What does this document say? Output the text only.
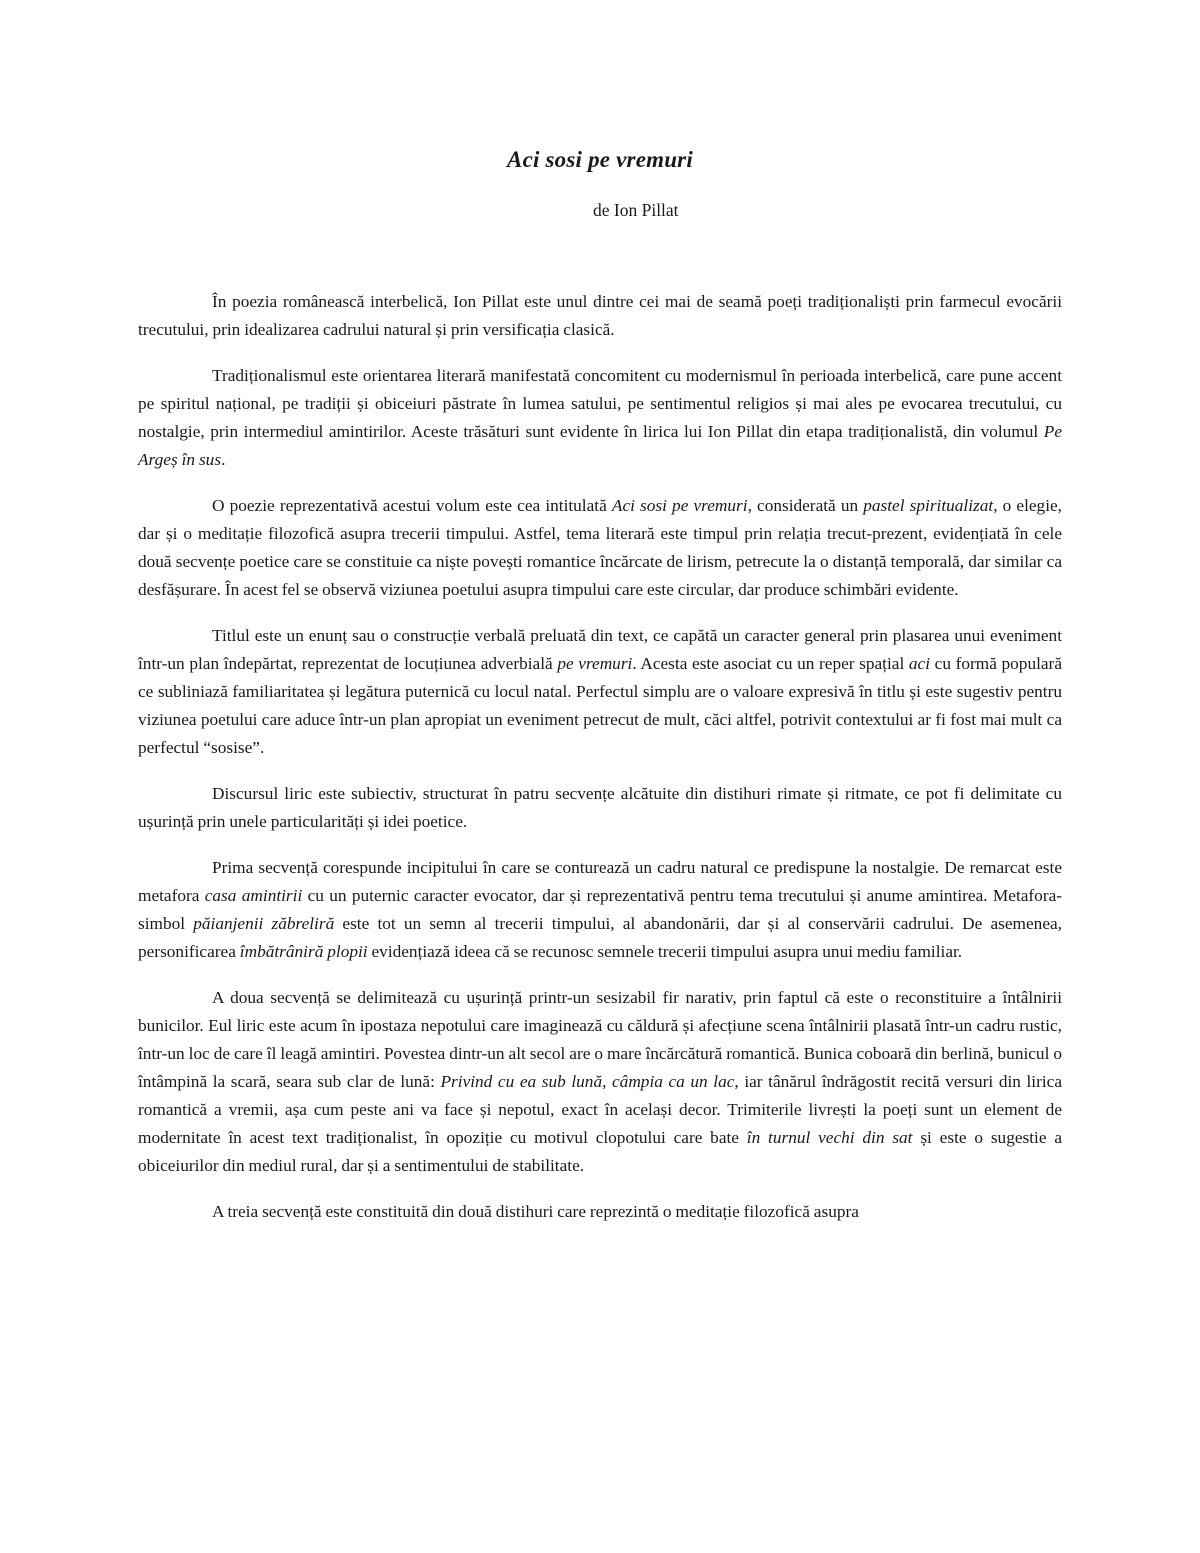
Aci sosi pe vremuri
de Ion Pillat

În poezia românească interbelică, Ion Pillat este unul dintre cei mai de seamă poeți tradiționaliști prin farmecul evocării trecutului, prin idealizarea cadrului natural și prin versificația clasică.

Tradiționalismul este orientarea literară manifestată concomitent cu modernismul în perioada interbelică, care pune accent pe spiritul național, pe tradiții și obiceiuri păstrate în lumea satului, pe sentimentul religios și mai ales pe evocarea trecutului, cu nostalgie, prin intermediul amintirilor. Aceste trăsături sunt evidente în lirica lui Ion Pillat din etapa tradiționalistă, din volumul Pe Argeș în sus.

O poezie reprezentativă acestui volum este cea intitulată Aci sosi pe vremuri, considerată un pastel spiritualizat, o elegie, dar și o meditație filozofică asupra trecerii timpului. Astfel, tema literară este timpul prin relația trecut-prezent, evidențiată în cele două secvențe poetice care se constituie ca niște povești romantice încărcate de lirism, petrecute la o distanță temporală, dar similar ca desfășurare. În acest fel se observă viziunea poetului asupra timpului care este circular, dar produce schimbări evidente.

Titlul este un enunț sau o construcție verbală preluată din text, ce capătă un caracter general prin plasarea unui eveniment într-un plan îndepărtat, reprezentat de locuțiunea adverbială pe vremuri. Acesta este asociat cu un reper spațial aci cu formă populară ce subliniază familiaritatea și legătura puternică cu locul natal. Perfectul simplu are o valoare expresivă în titlu și este sugestiv pentru viziunea poetului care aduce într-un plan apropiat un eveniment petrecut de mult, căci altfel, potrivit contextului ar fi fost mai mult ca perfectul “sosise”.

Discursul liric este subiectiv, structurat în patru secvențe alcătuite din distihuri rimate și ritmate, ce pot fi delimitate cu ușurință prin unele particularități și idei poetice.

Prima secvență corespunde incipitului în care se conturează un cadru natural ce predispune la nostalgie. De remarcat este metafora casa amintirii cu un puternic caracter evocator, dar și reprezentativă pentru tema trecutului și anume amintirea. Metafora-simbol păianjenii zăbreliră este tot un semn al trecerii timpului, al abandonării, dar și al conservării cadrului. De asemenea, personificarea îmbătrâniră plopii evidențiază ideea că se recunosc semnele trecerii timpului asupra unui mediu familiar.

A doua secvență se delimitează cu ușurință printr-un sesizabil fir narativ, prin faptul că este o reconstituire a întâlnirii bunicilor. Eul liric este acum în ipostaza nepotului care imaginează cu căldură și afecțiune scena întâlnirii plasată într-un cadru rustic, într-un loc de care îl leagă amintiri. Povestea dintr-un alt secol are o mare încărcătură romantică. Bunica coboară din berlină, bunicul o întâmpină la scară, seara sub clar de lună: Privind cu ea sub lună, câmpia ca un lac, iar tânărul îndrăgostit recită versuri din lirica romantică a vremii, așa cum peste ani va face și nepotul, exact în același decor. Trimiterile livrești la poeți sunt un element de modernitate în acest text tradiționalist, în opoziție cu motivul clopotului care bate în turnul vechi din sat și este o sugestie a obiceiurilor din mediul rural, dar și a sentimentului de stabilitate.

A treia secvență este constituită din două distihuri care reprezintă o meditație filozofică asupra
